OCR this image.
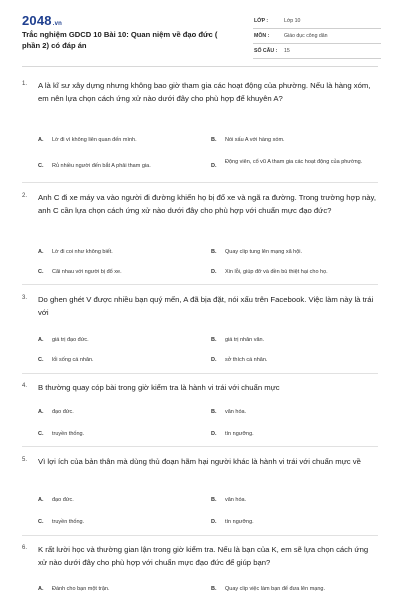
2048.vn
Trắc nghiệm GDCD 10 Bài 10: Quan niệm về đạo đức ( phần 2) có đáp án
LỚP :	Lớp 10
MÔN :	Giáo dục công dân
SỐ CÂU : 15
1. A là kĩ sư xây dựng nhưng không bao giờ tham gia các hoạt động của phường. Nếu là hàng xóm, em nên lựa chọn cách ứng xử nào dưới đây cho phù hợp để khuyên A?
A. Lờ đi vì không liên quan đến mình.	B. Nói xấu A với hàng xóm.
C. Rủ nhiều người đến bắt A phải tham gia.	D.
Động viên, cổ vũ A tham gia các hoạt động của phường.
2. Anh C đi xe máy va vào người đi đường khiến họ bị đổ xe và ngã ra đường. Trong trường hợp này, anh C cần lựa chọn cách ứng xử nào dưới đây cho phù hợp với chuẩn mực đạo đức?
A. Lờ đi coi như không biết.	B. Quay clip tung lên mạng xã hội.
C. Cãi nhau với người bị đổ xe.	D. Xin lỗi, giúp đỡ và đền bù thiệt hại cho họ.
3. Do ghen ghét V được nhiều bạn quý mến, A đã bịa đặt, nói xấu trên Facebook. Việc làm này là trái với
A. giá trị đạo đức.	B. giá trị nhân văn.
C. lối sống cá nhân.	D. sở thích cá nhân.
4. B thường quay cóp bài trong giờ kiểm tra là hành vi trái với chuẩn mực
A. đạo đức.	B. văn hóa.
C. truyền thống.	D. tín ngưỡng.
5. Vì lợi ích của bản thân mà dùng thủ đoạn hãm hại người khác là hành vi trái với chuẩn mực về
A. đạo đức.	B. văn hóa.
C. truyền thống.	D. tín ngưỡng.
6. K rất lười học và thường gian lận trong giờ kiểm tra. Nếu là bạn của K, em sẽ lựa chọn cách ứng xử nào dưới đây cho phù hợp với chuẩn mực đạo đức để giúp bạn?
A. Đánh cho bạn một trận.	B. Quay clip việc làm bạn để đưa lên mạng.
